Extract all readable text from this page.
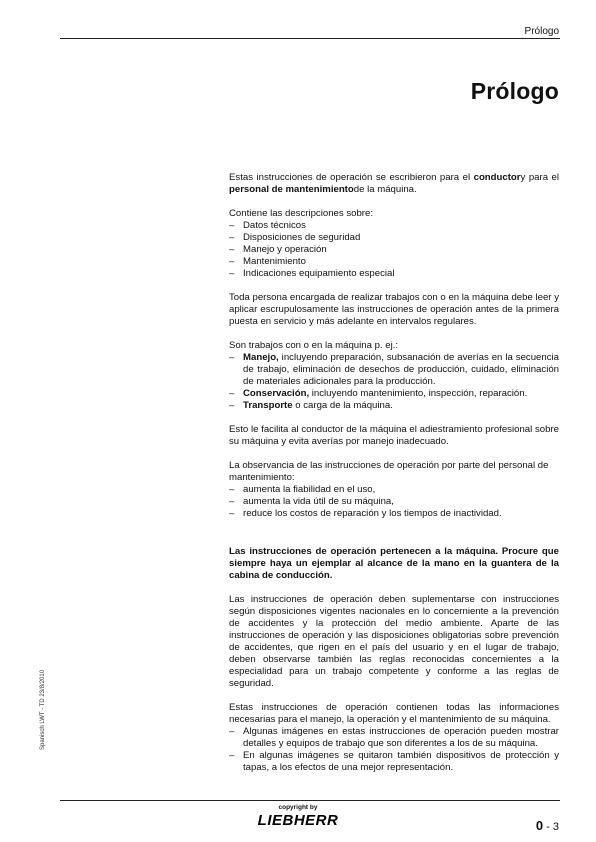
Prólogo
Prólogo

Estas instrucciones de operación se escribieron para el conductory para el personal de mantenimientode la máquina.

Contiene las descripciones sobre:
– Datos técnicos
– Disposiciones de seguridad
– Manejo y operación
– Mantenimiento
– Indicaciones equipamiento especial

Toda persona encargada de realizar trabajos con o en la máquina debe leer y aplicar escrupulosamente las instrucciones de operación antes de la primera puesta en servicio y más adelante en intervalos regulares.

Son trabajos con o en la máquina p. ej.:
– Manejo, incluyendo preparación, subsanación de averías en la secuencia de trabajo, eliminación de desechos de producción, cuidado, eliminación de materiales adicionales para la producción.
– Conservación, incluyendo mantenimiento, inspección, reparación.
– Transporte o carga de la máquina.

Esto le facilita al conductor de la máquina el adiestramiento profesional sobre su máquina y evita averías por manejo inadecuado.

La observancia de las instrucciones de operación por parte del personal de mantenimiento:
– aumenta la fiabilidad en el uso,
– aumenta la vida útil de su máquina,
– reduce los costos de reparación y los tiempos de inactividad.

Las instrucciones de operación pertenecen a la máquina. Procure que siempre haya un ejemplar al alcance de la mano en la guantera de la cabina de conducción.

Las instrucciones de operación deben suplementarse con instrucciones según disposiciones vigentes nacionales en lo concerniente a la prevención de accidentes y la protección del medio ambiente. Aparte de las instrucciones de operación y las disposiciones obligatorias sobre prevención de accidentes, que rigen en el país del usuario y en el lugar de trabajo, deben observarse también las reglas reconocidas concernientes a la especialidad para un trabajo competente y conforme a las reglas de seguridad.

Estas instrucciones de operación contienen todas las informaciones necesarias para el manejo, la operación y el mantenimiento de su máquina.
– Algunas imágenes en estas instrucciones de operación pueden mostrar detalles y equipos de trabajo que son diferentes a los de su máquina.
– En algunas imágenes se quitaron también dispositivos de protección y tapas, a los efectos de una mejor representación.
Spanisch LWT - TD 23/8/2010
copyright by
LIEBHERR	0 - 3
